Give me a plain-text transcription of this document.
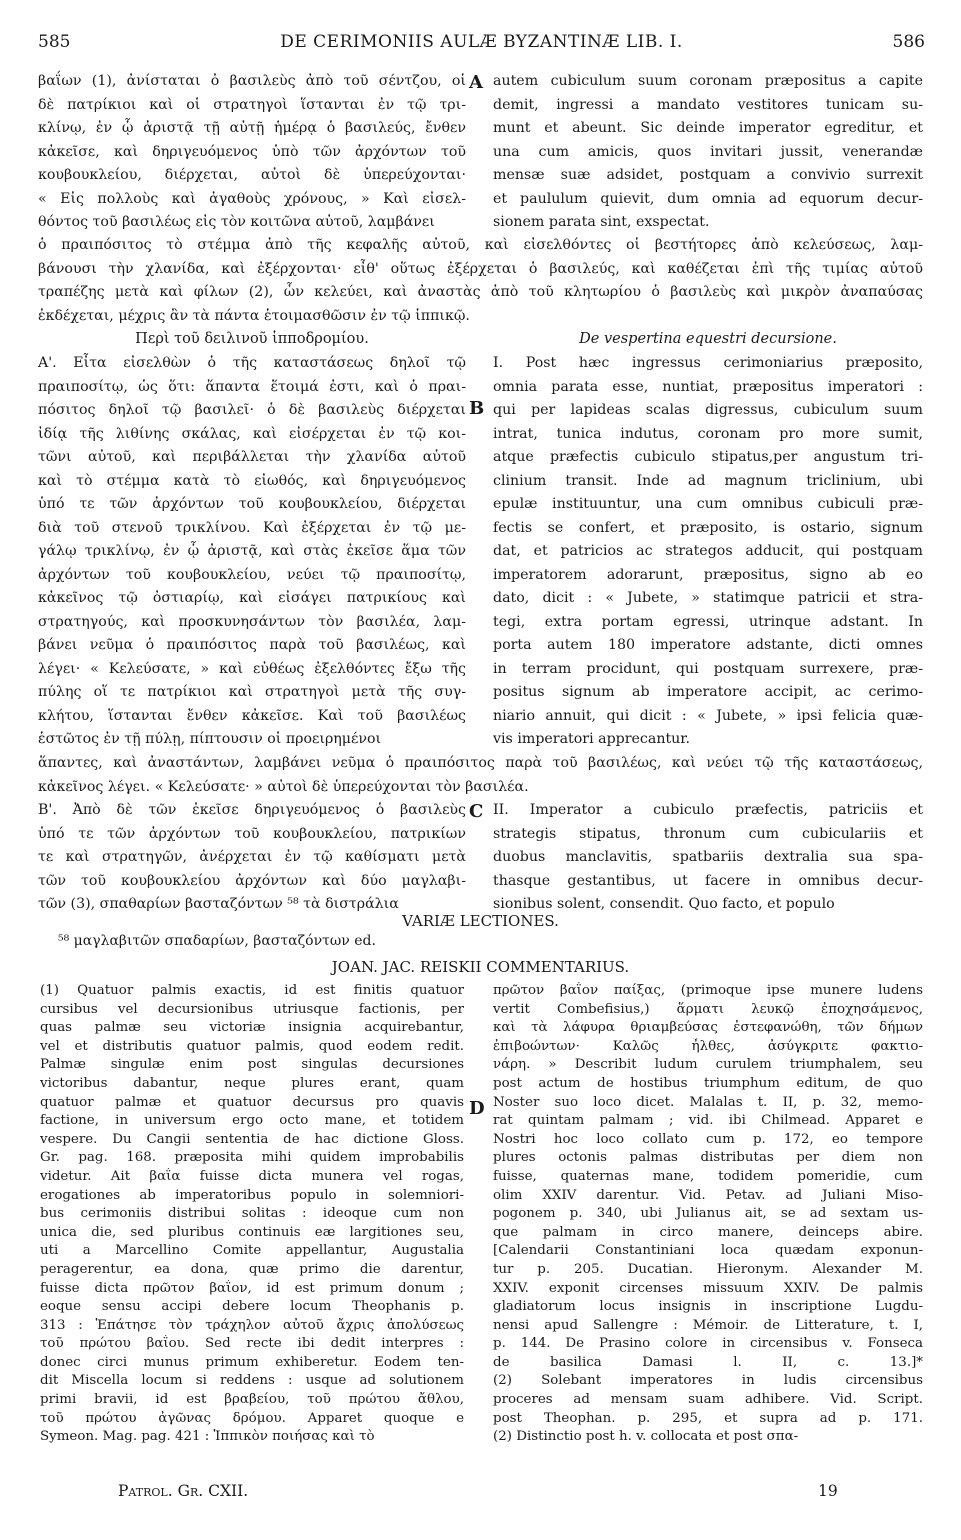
585	DE CERIMONIIS AULÆ BYZANTINÆ LIB. I.	586
βαΐων (1), ἀνίσταται ὁ βασιλεὺς ἀπὸ τοῦ σέντζου, οἱ
δὲ πατρίκιοι καὶ οἱ στρατηγοὶ ἵστανται ἐν τῷ τρι-
κλίνῳ, ἐν ᾧ ἀριστᾷ τῇ αὐτῇ ἡμέρᾳ ὁ βασιλεύς, ἔνθεν
κἀκεῖσε, καὶ δηριγευόμενος ὑπὸ τῶν ἀρχόντων τοῦ
κουβουκλείου, διέρχεται, αὐτοὶ δὲ ὑπερεύχονται·
« Εἰς πολλοὺς καὶ ἀγαθοὺς χρόνους, » Καὶ εἰσελ-
θόντος τοῦ βασιλέως εἰς τὸν κοιτῶνα αὐτοῦ, λαμβάνει
A autem cubiculum suum coronam præpositus a capite
demit, ingressi a mandato vestitores tunicam su-
munt et abeunt. Sic deinde imperator egreditur, et
una cum amicis, quos invitari jussit, venerandæ
mensæ suæ adsidet, postquam a convivio surrexit
et paululum quievit, dum omnia ad equorum decur-
sionem parata sint, exspectat.
ὁ πραιπόσιτος τὸ στέμμα ἀπὸ τῆς κεφαλῆς αὐτοῦ, καὶ εἰσελθόντες οἱ βεστήτορες ἀπὸ κελεύσεως, λαμ-
βάνουσι τὴν χλανίδα, καὶ ἐξέρχονται· εἶθ' οὕτως ἐξέρχεται ὁ βασιλεύς, καὶ καθέζεται ἐπὶ τῆς τιμίας αὐτοῦ
τραπέζης μετὰ καὶ φίλων (2), ὧν κελεύει, καὶ ἀναστὰς ἀπὸ τοῦ κλητωρίου ὁ βασιλεὺς καὶ μικρὸν ἀναπαύσας
ἐκδέχεται, μέχρις ἂν τὰ πάντα ἑτοιμασθῶσιν ἐν τῷ ἱππικῷ.
Περὶ τοῦ δειλινοῦ ἱπποδρομίου.	De vespertina equestri decursione.
Α'. Εἶτα εἰσελθὼν ὁ τῆς καταστάσεως δηλοῖ τῷ
πραιποσίτῳ, ὡς ὅτι: ἅπαντα ἕτοιμά ἐστι, καὶ ὁ πραι-
πόσιτος δηλοῖ τῷ βασιλεῖ· ὁ δὲ βασιλεὺς διέρχεται
ἰδίᾳ τῆς λιθίνης σκάλας, καὶ εἰσέρχεται ἐν τῷ κοι-
τῶνι αὐτοῦ, καὶ περιβάλλεται τὴν χλανίδα αὐτοῦ
καὶ τὸ στέμμα κατὰ τὸ εἰωθός, καὶ δηριγευόμενος
ὑπό τε τῶν ἀρχόντων τοῦ κουβουκλείου, διέρχεται
διὰ τοῦ στενοῦ τρικλίνου. Καὶ ἐξέρχεται ἐν τῷ με-
γάλῳ τρικλίνῳ, ἐν ᾧ ἀριστᾷ, καὶ στὰς ἐκεῖσε ἅμα τῶν
ἀρχόντων τοῦ κουβουκλείου, νεύει τῷ πραιποσίτῳ,
κἀκεῖνος τῷ ὀστιαρίῳ, καὶ εἰσάγει πατρικίους καὶ
στρατηγούς, καὶ προσκυνησάντων τὸν βασιλέα, λαμ-
βάνει νεῦμα ὁ πραιπόσιτος παρὰ τοῦ βασιλέως, καὶ
λέγει· « Κελεύσατε, » καὶ εὐθέως ἐξελθόντες ἔξω τῆς
πύλης οἵ τε πατρίκιοι καὶ στρατηγοὶ μετὰ τῆς συγ-
κλήτου, ἵστανται ἔνθεν κἀκεῖσε. Καὶ τοῦ βασιλέως
ἑστῶτος ἐν τῇ πύλῃ, πίπτουσιν οἱ προειρημένοι
B
I. Post hæc ingressus cerimoniarius præposito,
omnia parata esse, nuntiat, præpositus imperatori :
qui per lapideas scalas digressus, cubiculum suum
intrat, tunica indutus, coronam pro more sumit,
atque præfectis cubiculo stipatus,per angustum tri-
clinium transit. Inde ad magnum triclinium, ubi
epulæ instituuntur, una cum omnibus cubiculi præ-
fectis se confert, et præposito, is ostario, signum
dat, et patricios ac strategos adducit, qui postquam
imperatorem adorarunt, præpositus, signo ab eo
dato, dicit : « Jubete, » statimque patricii et stra-
tegi, extra portam egressi, utrinque adstant. In
porta autem 180 imperatore adstante, dicti omnes
in terram procidunt, qui postquam surrexere, præ-
positus signum ab imperatore accipit, ac cerimo-
niario annuit, qui dicit : « Jubete, » ipsi felicia quæ-
vis imperatori apprecantur.
ἅπαντες, καὶ ἀναστάντων, λαμβάνει νεῦμα ὁ πραιπόσιτος παρὰ τοῦ βασιλέως, καὶ νεύει τῷ τῆς καταστάσεως,
κἀκεῖνος λέγει. « Κελεύσατε· » αὐτοὶ δὲ ὑπερεύχονται τὸν βασιλέα.
Β'. Ἀπὸ δὲ τῶν ἐκεῖσε δηριγευόμενος ὁ βασιλεὺς
ὑπό τε τῶν ἀρχόντων τοῦ κουβουκλείου, πατρικίων
τε καὶ στρατηγῶν, ἀνέρχεται ἐν τῷ καθίσματι μετὰ
τῶν τοῦ κουβουκλείου ἀρχόντων καὶ δύο μαγλαβι-
τῶν (3), σπαθαρίων βασταζόντων ⁵⁸ τὰ διστράλια
C II. Imperator a cubiculo præfectis, patriciis et
strategis stipatus, thronum cum cubiculariis et
duobus manclavitis, spatbariis dextralia sua spa-
thasque gestantibus, ut facere in omnibus decur-
sionibus solent, consendit. Quo facto, et populo
VARIÆ LECTIONES.
⁵⁸ μαγλαβιτῶν σπαδαρίων, βασταζόντων ed.
JOAN. JAC. REISKII COMMENTARIUS.
(1) Quatuor palmis exactis, id est finitis quatuor
cursibus vel decursionibus utriusque factionis, per
quas palmæ seu victoriæ insignia acquirebantur,
vel et distributis quatuor palmis, quod eodem redit.
Palmæ singulæ enim post singulas decursiones
victoribus dabantur, neque plures erant, quam
quatuor palmæ et quatuor decursus pro quavis
factione, in universum ergo octo mane, et totidem
vespere. Du Cangii sententia de hac dictione Gloss.
Gr. pag. 168. præposita mihi quidem improbabilis
videtur. Ait βαΐα fuisse dicta munera vel rogas,
erogationes ab imperatoribus populo in solemniori-
bus cerimoniis distribui solitas : ideoque cum non
unica die, sed pluribus continuis eæ largitiones seu,
uti a Marcellino Comite appellantur, Augustalia
peragerentur, ea dona, quæ primo die darentur,
fuisse dicta πρῶτον βαΐον, id est primum donum ;
eoque sensu accipi debere locum Theophanis p.
313 : Ἐπάτησε τὸν τράχηλον αὐτοῦ ἄχρις ἀπολύσεως
τοῦ πρώτου βαΐου. Sed recte ibi dedit interpres :
donec circi munus primum exhiberetur. Eodem ten-
dit Miscella locum si reddens : usque ad solutionem
primi bravii, id est βραβείου, τοῦ πρώτου ἄθλου,
τοῦ πρώτου ἀγῶνας δρόμου. Apparet quoque e
Symeon. Mag. pag. 421 : Ἱππικὸν ποιήσας καὶ τὸ
D
πρῶτον βαΐον παίξας, (primoque ipse munere ludens
vertit Combefisius,) ἅρματι λευκῷ ἐποχησάμενος,
καὶ τὰ λάφυρα θριαμβεύσας ἐστεφανώθη, τῶν δήμων
ἐπιβοώντων· Καλῶς ἦλθες, ἀσύγκριτε φακτιο-
νάρη. » Describit ludum curulem triumphalem, seu
post actum de hostibus triumphum editum, de quo
Noster suo loco dicet. Malalas t. II, p. 32, memo-
rat quintam palmam ; vid. ibi Chilmead. Apparet e
Nostri hoc loco collato cum p. 172, eo tempore
plures octonis palmas distributas per diem non
fuisse, quaternas mane, todidem pomeridie, cum
olim XXIV darentur. Vid. Petav. ad Juliani Miso-
pogonem p. 340, ubi Julianus ait, se ad sextam us-
que palmam in circo manere, deinceps abire.
[Calendarii Constantiniani loca quædam exponun-
tur p. 205. Ducatian. Hieronym. Alexander M.
XXIV. exponit circenses missuum XXIV. De palmis
gladiatorum locus insignis in inscriptione Lugdu-
nensi apud Sallengre : Mémoir. de Litterature, t. I,
p. 144. De Prasino colore in circensibus v. Fonseca
de basilica Damasi l. II, c. 13.]*
(2) Solebant imperatores in ludis circensibus
proceres ad mensam suam adhibere. Vid. Script.
post Theophan. p. 295, et supra ad p. 171.
(2) Distinctio post h. v. collocata et post σπα-
Patrol. Gr. CXII.	19
